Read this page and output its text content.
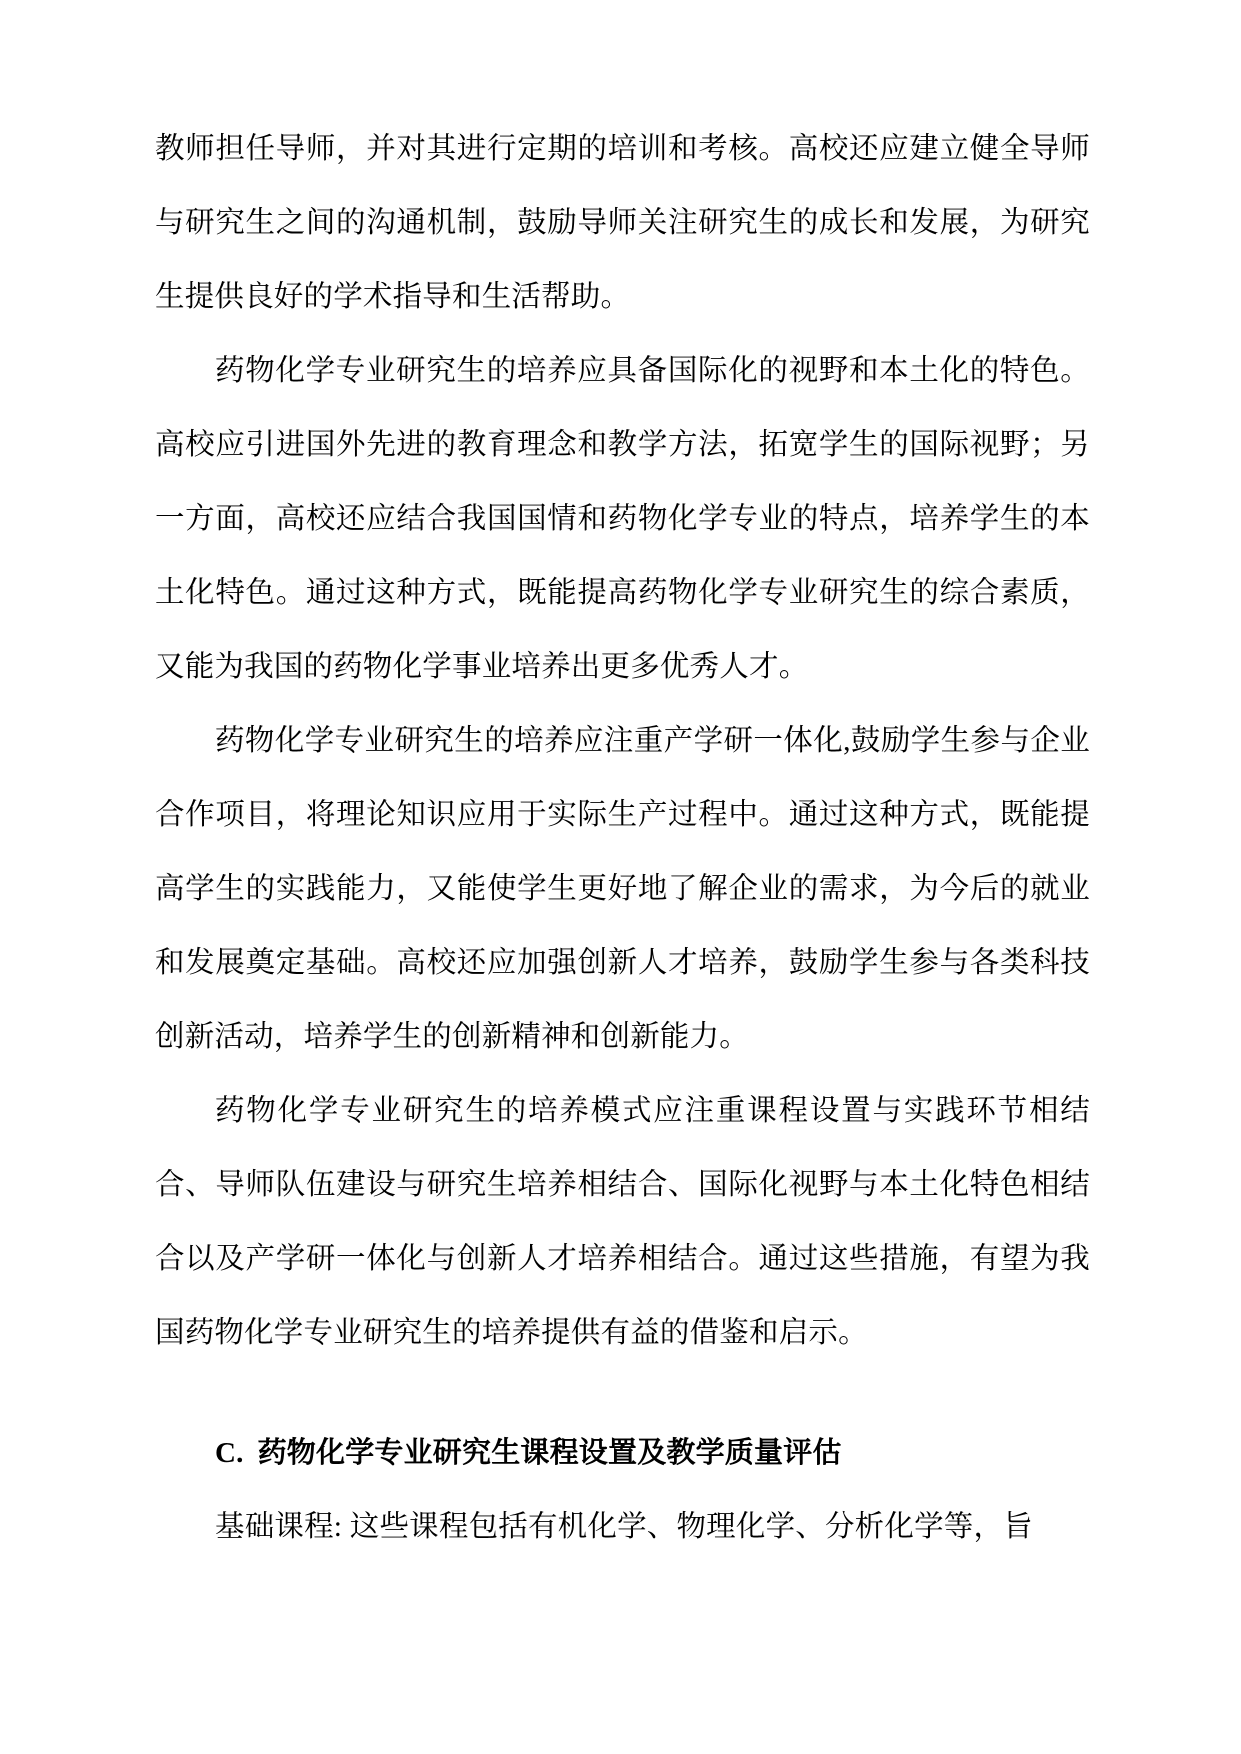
教师担任导师，并对其进行定期的培训和考核。高校还应建立健全导师与研究生之间的沟通机制，鼓励导师关注研究生的成长和发展，为研究生提供良好的学术指导和生活帮助。

药物化学专业研究生的培养应具备国际化的视野和本土化的特色。高校应引进国外先进的教育理念和教学方法，拓宽学生的国际视野；另一方面，高校还应结合我国国情和药物化学专业的特点，培养学生的本土化特色。通过这种方式，既能提高药物化学专业研究生的综合素质，又能为我国的药物化学事业培养出更多优秀人才。

药物化学专业研究生的培养应注重产学研一体化,鼓励学生参与企业合作项目，将理论知识应用于实际生产过程中。通过这种方式，既能提高学生的实践能力，又能使学生更好地了解企业的需求，为今后的就业和发展奠定基础。高校还应加强创新人才培养，鼓励学生参与各类科技创新活动，培养学生的创新精神和创新能力。

药物化学专业研究生的培养模式应注重课程设置与实践环节相结合、导师队伍建设与研究生培养相结合、国际化视野与本土化特色相结合以及产学研一体化与创新人才培养相结合。通过这些措施，有望为我国药物化学专业研究生的培养提供有益的借鉴和启示。

C. 药物化学专业研究生课程设置及教学质量评估

基础课程: 这些课程包括有机化学、物理化学、分析化学等，旨
